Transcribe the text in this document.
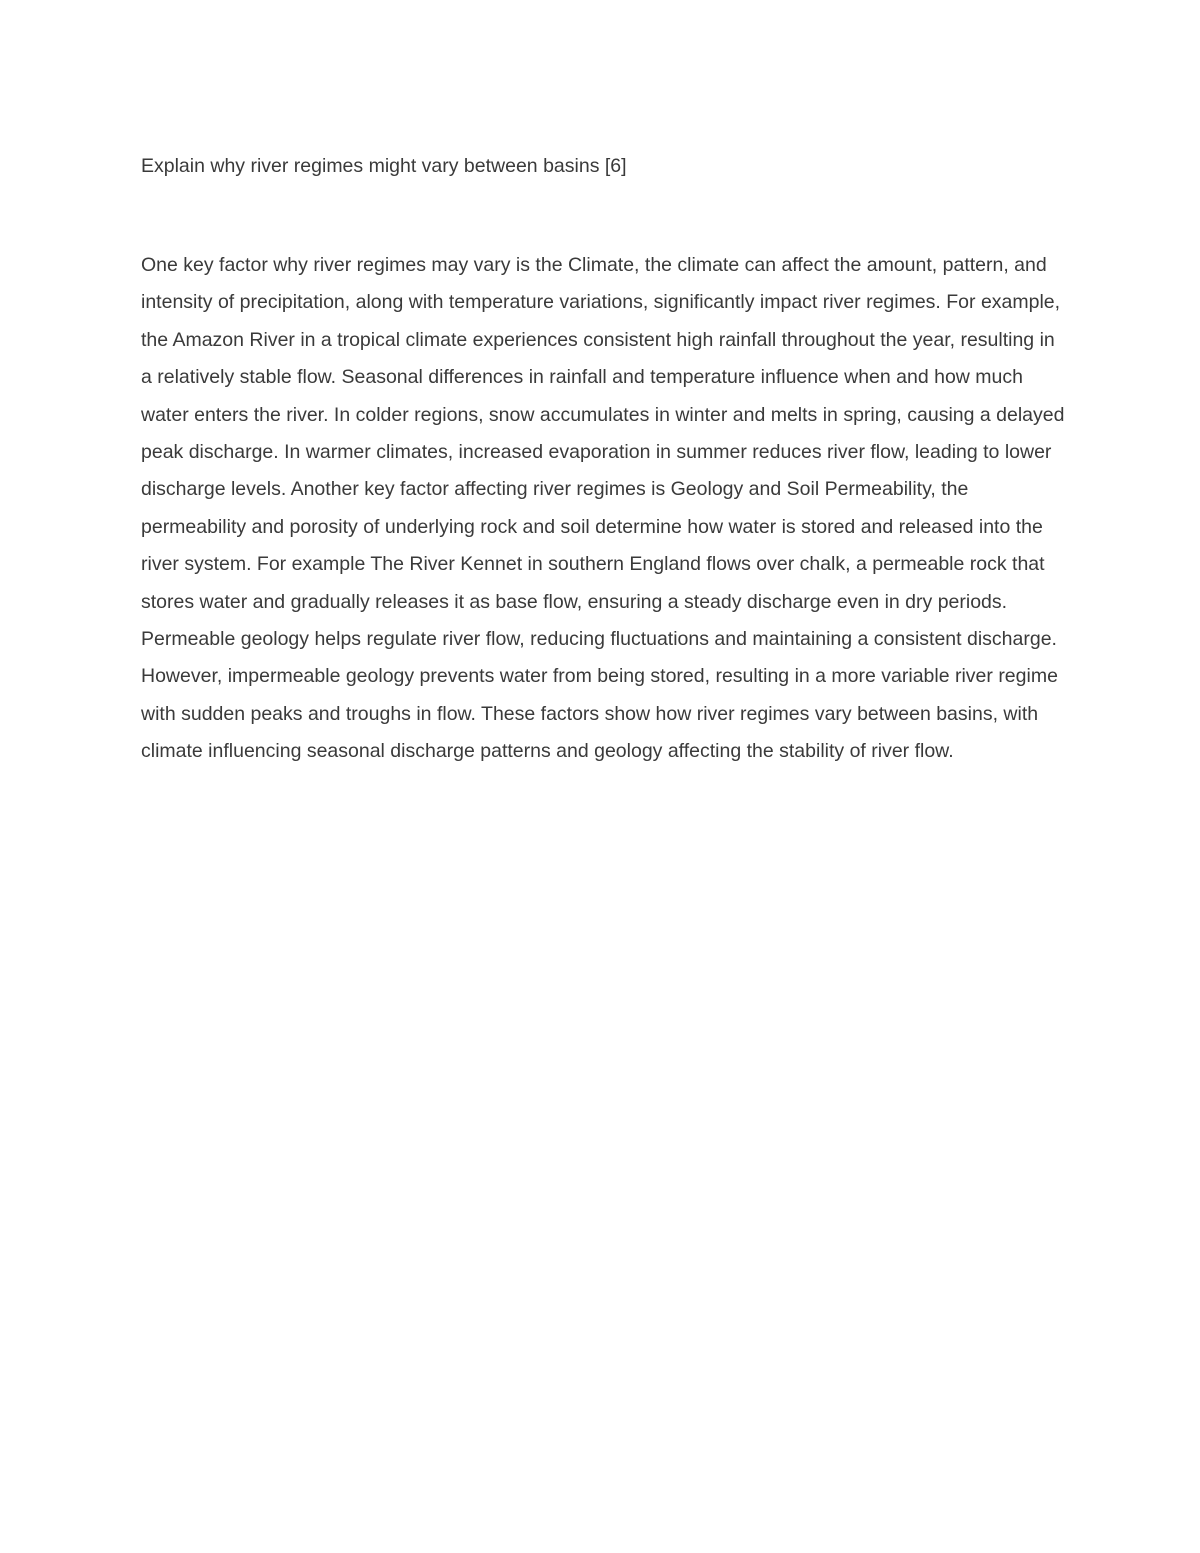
Explain why river regimes might vary between basins [6]

One key factor why river regimes may vary is the Climate, the climate can affect the amount, pattern, and intensity of precipitation, along with temperature variations, significantly impact river regimes. For example, the Amazon River in a tropical climate experiences consistent high rainfall throughout the year, resulting in a relatively stable flow. Seasonal differences in rainfall and temperature influence when and how much water enters the river. In colder regions, snow accumulates in winter and melts in spring, causing a delayed peak discharge. In warmer climates, increased evaporation in summer reduces river flow, leading to lower discharge levels. Another key factor affecting river regimes is Geology and Soil Permeability, the permeability and porosity of underlying rock and soil determine how water is stored and released into the river system. For example The River Kennet in southern England flows over chalk, a permeable rock that stores water and gradually releases it as base flow, ensuring a steady discharge even in dry periods. Permeable geology helps regulate river flow, reducing fluctuations and maintaining a consistent discharge. However, impermeable geology prevents water from being stored, resulting in a more variable river regime with sudden peaks and troughs in flow. These factors show how river regimes vary between basins, with climate influencing seasonal discharge patterns and geology affecting the stability of river flow.
